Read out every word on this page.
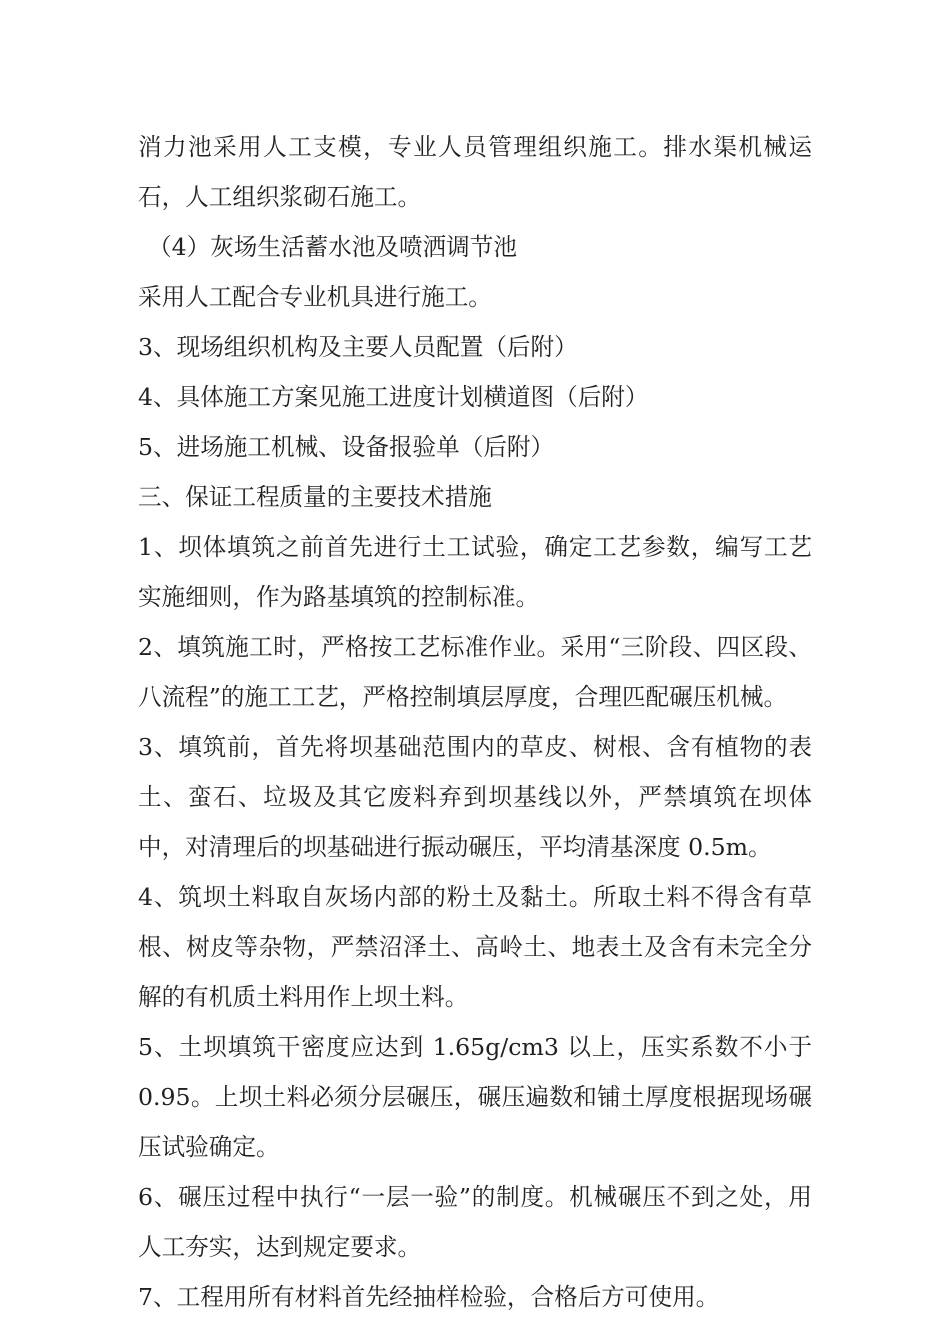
消力池采用人工支模，专业人员管理组织施工。排水渠机械运石，人工组织浆砌石施工。

（4）灰场生活蓄水池及喷洒调节池

采用人工配合专业机具进行施工。

3、现场组织机构及主要人员配置（后附）

4、具体施工方案见施工进度计划横道图（后附）

5、进场施工机械、设备报验单（后附）

三、保证工程质量的主要技术措施

1、坝体填筑之前首先进行土工试验，确定工艺参数，编写工艺实施细则，作为路基填筑的控制标准。

2、填筑施工时，严格按工艺标准作业。采用“三阶段、四区段、八流程”的施工工艺，严格控制填层厚度，合理匹配碾压机械。

3、填筑前，首先将坝基础范围内的草皮、树根、含有植物的表土、蛮石、垃圾及其它废料弃到坝基线以外，严禁填筑在坝体中，对清理后的坝基础进行振动碾压，平均清基深度 0.5m。

4、筑坝土料取自灰场内部的粉土及黏土。所取土料不得含有草根、树皮等杂物，严禁沼泽土、高岭土、地表土及含有未完全分解的有机质土料用作上坝土料。

5、土坝填筑干密度应达到 1.65g/cm3 以上，压实系数不小于 0.95。上坝土料必须分层碾压，碾压遍数和铺土厚度根据现场碾压试验确定。

6、碾压过程中执行“一层一验”的制度。机械碾压不到之处，用人工夯实，达到规定要求。

7、工程用所有材料首先经抽样检验，合格后方可使用。
